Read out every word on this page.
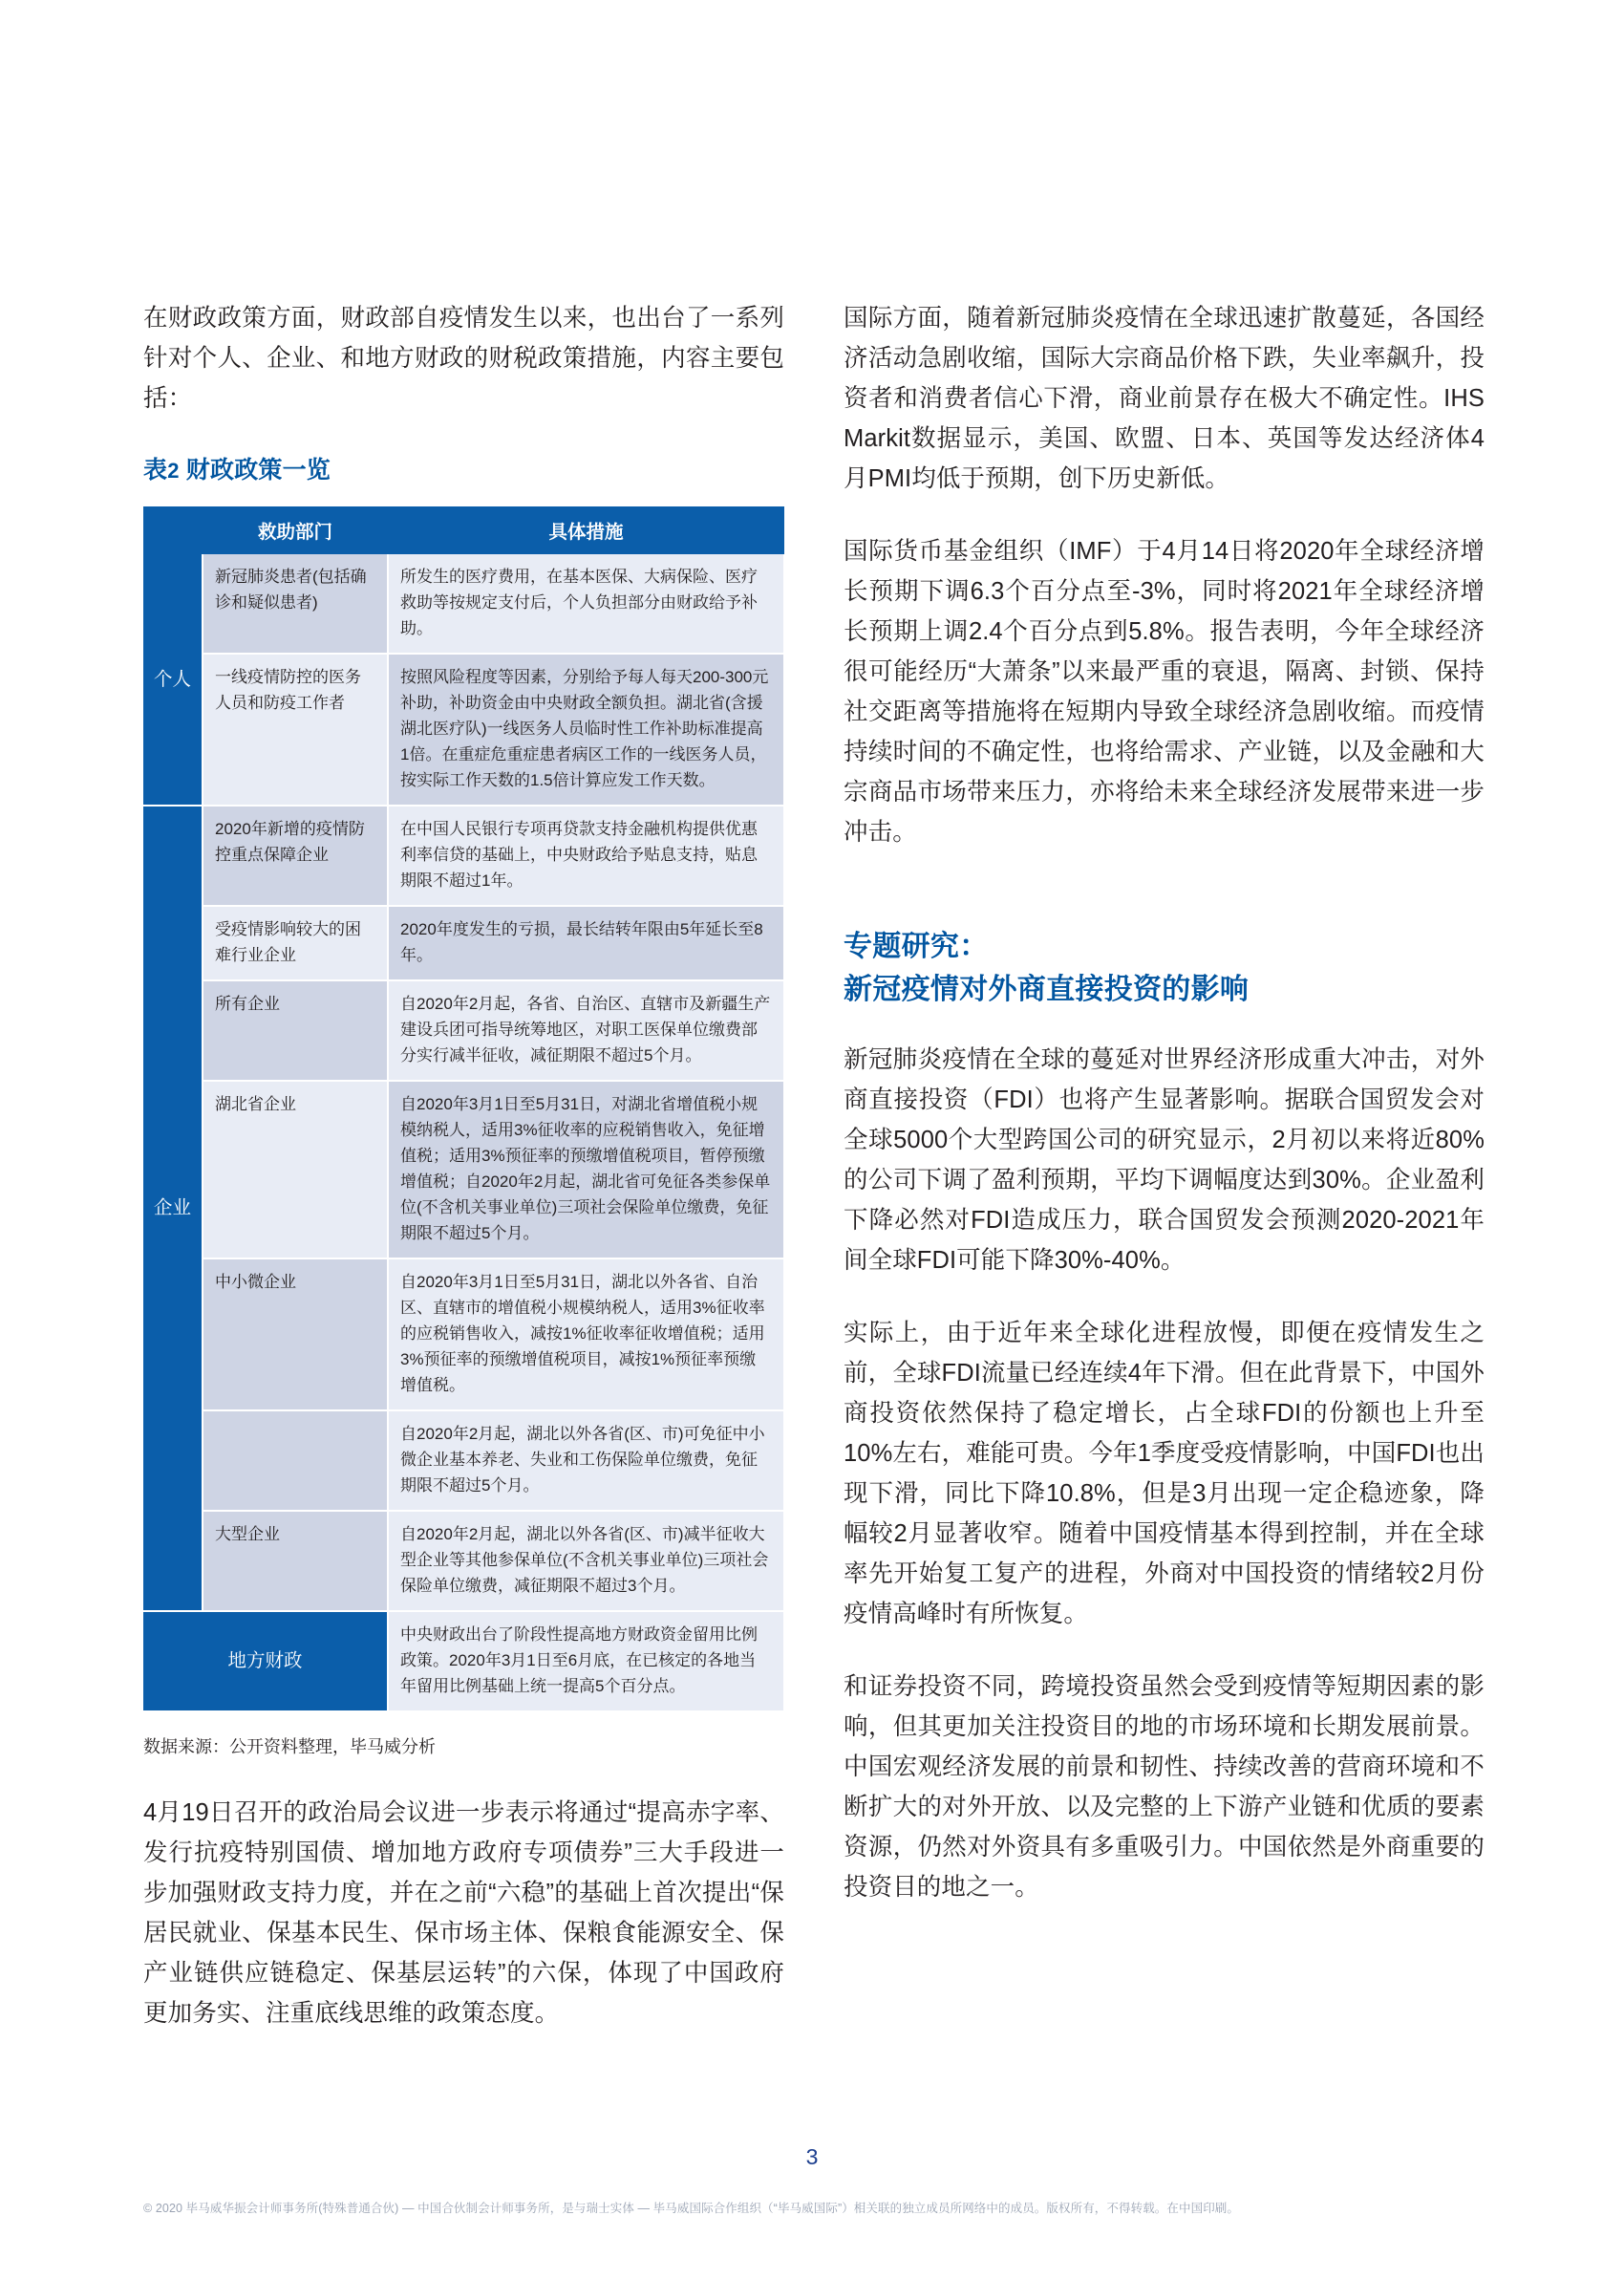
在财政政策方面，财政部自疫情发生以来，也出台了一系列针对个人、企业、和地方财政的财税政策措施，内容主要包括：

表2 财政政策一览
	救助部门	具体措施
个人	新冠肺炎患者(包括确诊和疑似患者)	所发生的医疗费用，在基本医保、大病保险、医疗救助等按规定支付后，个人负担部分由财政给予补助。
	一线疫情防控的医务人员和防疫工作者	按照风险程度等因素，分别给予每人每天200-300元补助，补助资金由中央财政全额负担。湖北省(含援湖北医疗队)一线医务人员临时性工作补助标准提高1倍。在重症危重症患者病区工作的一线医务人员，按实际工作天数的1.5倍计算应发工作天数。
企业	2020年新增的疫情防控重点保障企业	在中国人民银行专项再贷款支持金融机构提供优惠利率信贷的基础上，中央财政给予贴息支持，贴息期限不超过1年。
	受疫情影响较大的困难行业企业	2020年度发生的亏损，最长结转年限由5年延长至8年。
	所有企业	自2020年2月起，各省、自治区、直辖市及新疆生产建设兵团可指导统筹地区，对职工医保单位缴费部分实行减半征收，减征期限不超过5个月。
	湖北省企业	自2020年3月1日至5月31日，对湖北省增值税小规模纳税人，适用3%征收率的应税销售收入，免征增值税；适用3%预征率的预缴增值税项目，暂停预缴增值税；自2020年2月起，湖北省可免征各类参保单位(不含机关事业单位)三项社会保险单位缴费，免征期限不超过5个月。
	中小微企业	自2020年3月1日至5月31日，湖北以外各省、自治区、直辖市的增值税小规模纳税人，适用3%征收率的应税销售收入，减按1%征收率征收增值税；适用3%预征率的预缴增值税项目，减按1%预征率预缴增值税。
		自2020年2月起，湖北以外各省(区、市)可免征中小微企业基本养老、失业和工伤保险单位缴费，免征期限不超过5个月。
	大型企业	自2020年2月起，湖北以外各省(区、市)减半征收大型企业等其他参保单位(不含机关事业单位)三项社会保险单位缴费，减征期限不超过3个月。
地方财政		中央财政出台了阶段性提高地方财政资金留用比例政策。2020年3月1日至6月底，在已核定的各地当年留用比例基础上统一提高5个百分点。

数据来源：公开资料整理，毕马威分析

4月19日召开的政治局会议进一步表示将通过“提高赤字率、发行抗疫特别国债、增加地方政府专项债券”三大手段进一步加强财政支持力度，并在之前“六稳”的基础上首次提出“保居民就业、保基本民生、保市场主体、保粮食能源安全、保产业链供应链稳定、保基层运转”的六保，体现了中国政府更加务实、注重底线思维的政策态度。

国际方面，随着新冠肺炎疫情在全球迅速扩散蔓延，各国经济活动急剧收缩，国际大宗商品价格下跌，失业率飙升，投资者和消费者信心下滑，商业前景存在极大不确定性。IHS Markit数据显示，美国、欧盟、日本、英国等发达经济体4月PMI均低于预期，创下历史新低。

国际货币基金组织（IMF）于4月14日将2020年全球经济增长预期下调6.3个百分点至-3%，同时将2021年全球经济增长预期上调2.4个百分点到5.8%。报告表明，今年全球经济很可能经历“大萧条”以来最严重的衰退，隔离、封锁、保持社交距离等措施将在短期内导致全球经济急剧收缩。而疫情持续时间的不确定性，也将给需求、产业链，以及金融和大宗商品市场带来压力，亦将给未来全球经济发展带来进一步冲击。

专题研究：
新冠疫情对外商直接投资的影响

新冠肺炎疫情在全球的蔓延对世界经济形成重大冲击，对外商直接投资（FDI）也将产生显著影响。据联合国贸发会对全球5000个大型跨国公司的研究显示，2月初以来将近80%的公司下调了盈利预期，平均下调幅度达到30%。企业盈利下降必然对FDI造成压力，联合国贸发会预测2020-2021年间全球FDI可能下降30%-40%。

实际上，由于近年来全球化进程放慢，即便在疫情发生之前，全球FDI流量已经连续4年下滑。但在此背景下，中国外商投资依然保持了稳定增长，占全球FDI的份额也上升至10%左右，难能可贵。今年1季度受疫情影响，中国FDI也出现下滑，同比下降10.8%，但是3月出现一定企稳迹象，降幅较2月显著收窄。随着中国疫情基本得到控制，并在全球率先开始复工复产的进程，外商对中国投资的情绪较2月份疫情高峰时有所恢复。

和证券投资不同，跨境投资虽然会受到疫情等短期因素的影响，但其更加关注投资目的地的市场环境和长期发展前景。中国宏观经济发展的前景和韧性、持续改善的营商环境和不断扩大的对外开放、以及完整的上下游产业链和优质的要素资源，仍然对外资具有多重吸引力。中国依然是外商重要的投资目的地之一。

3
© 2020 毕马威华振会计师事务所(特殊普通合伙) — 中国合伙制会计师事务所，是与瑞士实体 — 毕马威国际合作组织（“毕马威国际”）相关联的独立成员所网络中的成员。版权所有，不得转载。在中国印刷。
